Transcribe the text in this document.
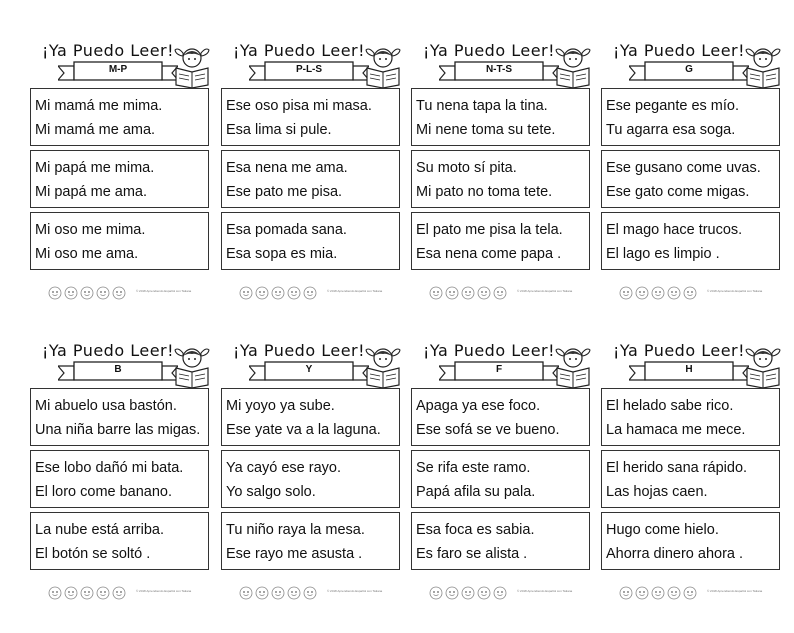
¡Ya Puedo Leer!
M-P
Mi mamá me mima.
Mi mamá me ama.
Mi papá me mima.
Mi papá me ama.
Mi oso me mima.
Mi oso me ama.
© 2018 Aprendiendo Español con Tatiana
¡Ya Puedo Leer!
P-L-S
Ese oso pisa mi masa.
Esa lima si pule.
Esa nena me ama.
Ese pato me pisa.
Esa pomada sana.
Esa sopa es mia.
© 2018 Aprendiendo Español con Tatiana
¡Ya Puedo Leer!
N-T-S
Tu nena tapa la tina.
Mi nene toma su tete.
Su moto sí pita.
Mi pato no toma tete.
El pato me pisa la tela.
Esa nena come papa .
© 2018 Aprendiendo Español con Tatiana
¡Ya Puedo Leer!
G
Ese pegante es mío.
Tu agarra esa soga.
Ese gusano come uvas.
Ese gato come migas.
El mago hace trucos.
El lago es limpio .
© 2018 Aprendiendo Español con Tatiana
¡Ya Puedo Leer!
B
Mi abuelo usa bastón.
Una niña barre las migas.
Ese lobo dañó mi bata.
El loro come banano.
La nube está arriba.
El botón se soltó .
© 2018 Aprendiendo Español con Tatiana
¡Ya Puedo Leer!
Y
Mi yoyo ya sube.
Ese yate va a la laguna.
Ya cayó ese rayo.
Yo salgo solo.
Tu niño raya la mesa.
Ese rayo me asusta .
© 2018 Aprendiendo Español con Tatiana
¡Ya Puedo Leer!
F
Apaga ya ese foco.
Ese sofá se ve bueno.
Se rifa este ramo.
Papá afila su pala.
Esa foca es sabia.
Es faro se alista .
© 2018 Aprendiendo Español con Tatiana
¡Ya Puedo Leer!
H
El helado sabe rico.
La hamaca me mece.
El herido sana rápido.
Las hojas caen.
Hugo come hielo.
Ahorra dinero ahora .
© 2018 Aprendiendo Español con Tatiana
